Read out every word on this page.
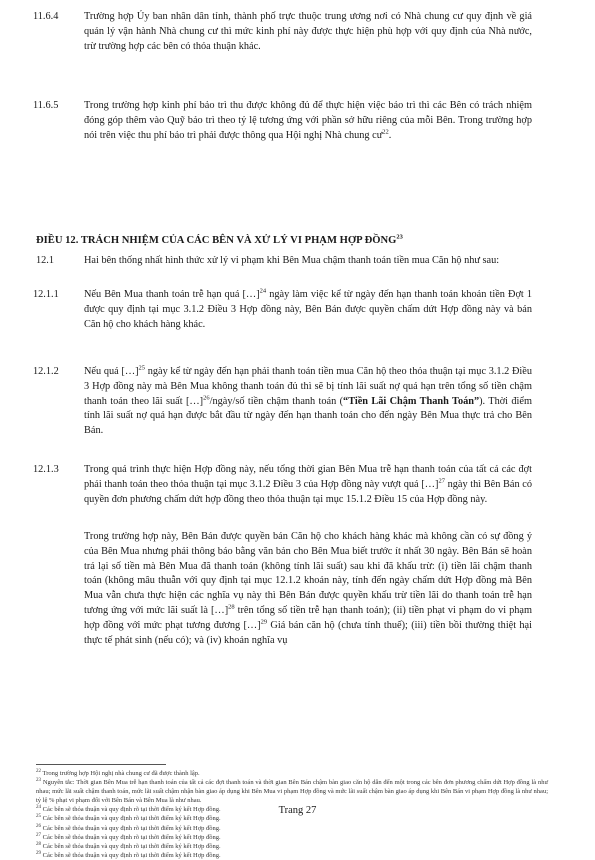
11.6.4 Trường hợp Ủy ban nhân dân tỉnh, thành phố trực thuộc trung ương nơi có Nhà chung cư quy định về giá quản lý vận hành Nhà chung cư thì mức kinh phí này được thực hiện phù hợp với quy định của Nhà nước, trừ trường hợp các bên có thỏa thuận khác.
11.6.5 Trong trường hợp kinh phí bảo trì thu được không đủ để thực hiện việc bảo trì thì các Bên có trách nhiệm đóng góp thêm vào Quỹ bảo trì theo tỷ lệ tương ứng với phần sở hữu riêng của mỗi Bên. Trong trường hợp nói trên việc thu phí bảo trì phải được thông qua Hội nghị Nhà chung $cư^{22}$.
ĐIỀU 12. TRÁCH NHIỆM CỦA CÁC BÊN VÀ XỬ LÝ VI PHẠM HỢP ĐỒNG$^{23}$
12.1	Hai bên thống nhất hình thức xử lý vi phạm khi Bên Mua chậm thanh toán tiền mua Căn hộ như sau:
12.1.1 Nếu Bên Mua thanh toán trễ hạn quá […]$^{24}$ ngày làm việc kể từ ngày đến hạn thanh toán khoản tiền Đợt 1 được quy định tại mục 3.1.2 Điều 3 Hợp đồng này, Bên Bán được quyền chấm dứt Hợp đồng này và bán Căn hộ cho khách hàng khác.
12.1.2 Nếu quá […]$^{25}$ ngày kể từ ngày đến hạn phải thanh toán tiền mua Căn hộ theo thỏa thuận tại mục 3.1.2 Điều 3 Hợp đồng này mà Bên Mua không thanh toán đủ thì sẽ bị tính lãi suất nợ quá hạn trên tổng số tiền chậm thanh toán theo lãi suất […]$^{26}$/ngày/số tiền chậm thanh toán (“Tiền Lãi Chậm Thanh Toán”). Thời điểm tính lãi suất nợ quá hạn được bắt đầu từ ngày đến hạn thanh toán cho đến ngày Bên Mua thực trả cho Bên Bán.
12.1.3 Trong quá trình thực hiện Hợp đồng này, nếu tổng thời gian Bên Mua trễ hạn thanh toán của tất cả các đợt phải thanh toán theo thỏa thuận tại mục 3.1.2 Điều 3 của Hợp đồng này vượt quá […]$^{27}$ ngày thì Bên Bán có quyền đơn phương chấm dứt hợp đồng theo thỏa thuận tại mục 15.1.2 Điều 15 của Hợp đồng này.
Trong trường hợp này, Bên Bán được quyền bán Căn hộ cho khách hàng khác mà không cần có sự đồng ý của Bên Mua nhưng phải thông báo bằng văn bản cho Bên Mua biết trước ít nhất 30 ngày. Bên Bán sẽ hoàn trả lại số tiền mà Bên Mua đã thanh toán (không tính lãi suất) sau khi đã khấu trừ: (i) tiền lãi chậm thanh toán (không mâu thuẫn với quy định tại mục 12.1.2 khoản này, tính đến ngày chấm dứt Hợp đồng mà Bên Mua vẫn chưa thực hiện các nghĩa vụ này thì Bên Bán được quyền khấu trừ tiền lãi do thanh toán trễ hạn tương ứng với mức lãi suất là […]$^{28}$ trên tổng số tiền trễ hạn thanh toán); (ii) tiền phạt vi phạm do vi phạm hợp đồng với mức phạt tương đương […]$^{29}$ Giá bán căn hộ (chưa tính thuế); (iii) tiền bồi thường thiệt hại thực tế phát sinh (nếu có); và (iv) khoản nghĩa vụ
$^{22}$ Trong trường hợp Hội nghị nhà chung cư đã được thành lập.
$^{23}$ Nguyên tắc: Thời gian Bên Mua trễ hạn thanh toán của tất cả các đợt thanh toán và thời gian Bên Bán chậm bàn giao căn hộ dẫn đến một trong các bên đơn phương chấm dứt Hợp đồng là như nhau; mức lãi suất chậm thanh toán, mức lãi suất chậm nhận bàn giao áp dụng khi Bên Mua vi phạm Hợp đồng và mức lãi suất chậm bàn giao áp dụng khi Bên Bán vi phạm Hợp đồng là như nhau; tỷ lệ % phạt vi phạm đối với Bên Bán và Bên Mua là như nhau.
$^{24}$ Các bên sẽ thỏa thuận và quy định rõ tại thời điểm ký kết Hợp đồng.
$^{25}$ Các bên sẽ thỏa thuận và quy định rõ tại thời điểm ký kết Hợp đồng.
$^{26}$ Các bên sẽ thỏa thuận và quy định rõ tại thời điểm ký kết Hợp đồng.
$^{27}$ Các bên sẽ thỏa thuận và quy định rõ tại thời điểm ký kết Hợp đồng.
$^{28}$ Các bên sẽ thỏa thuận và quy định rõ tại thời điểm ký kết Hợp đồng.
$^{29}$ Các bên sẽ thỏa thuận và quy định rõ tại thời điểm ký kết Hợp đồng.
Trang 27
